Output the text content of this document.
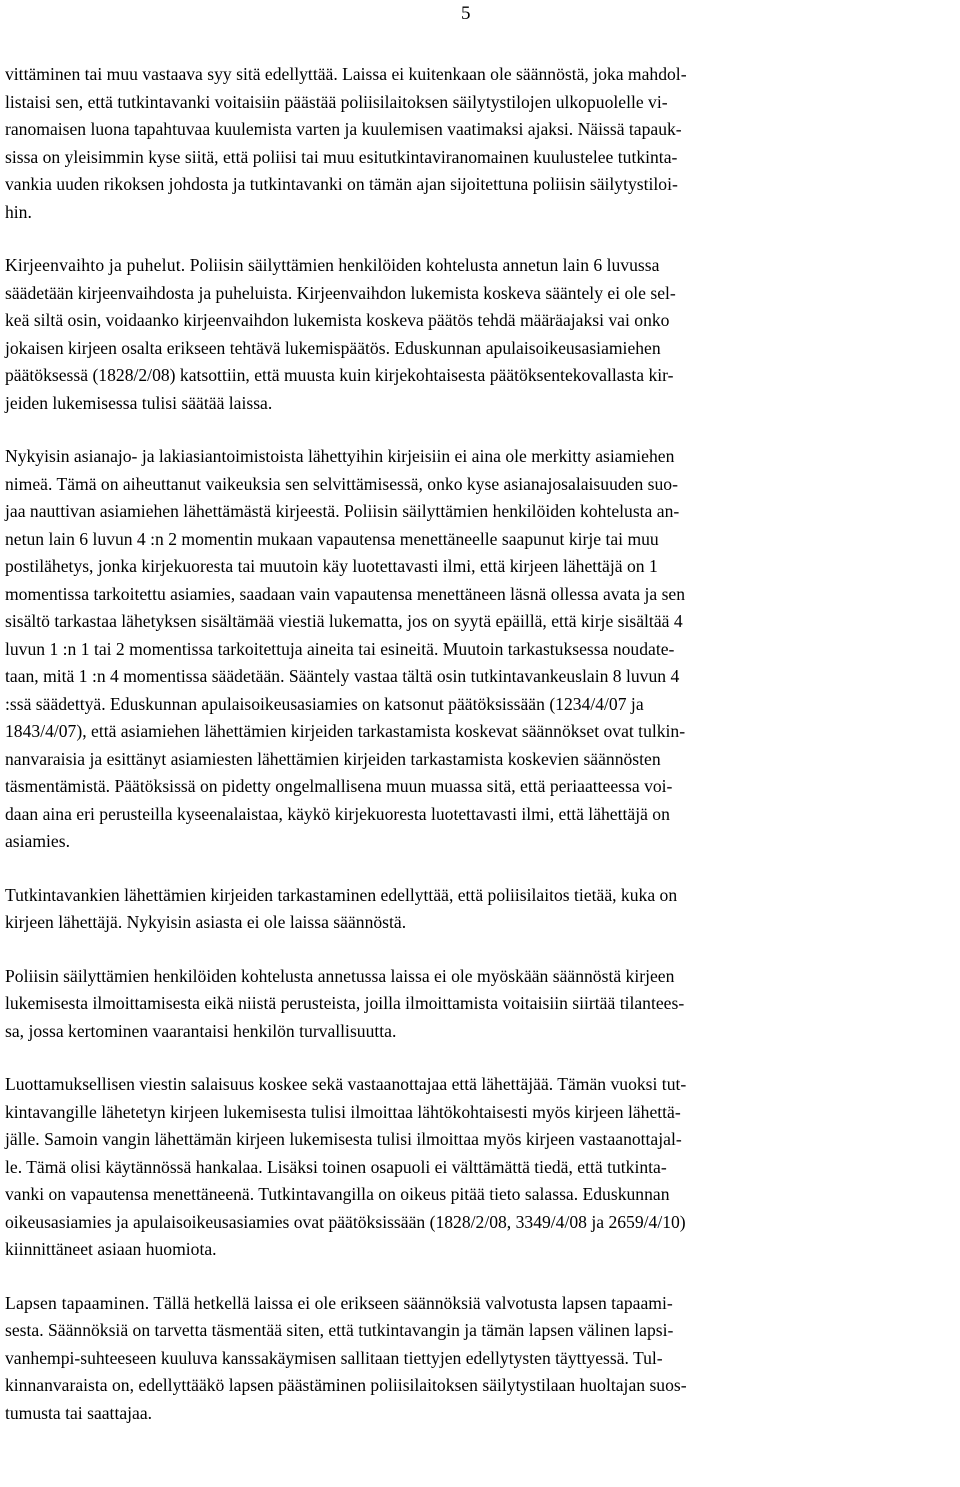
5
vittäminen tai muu vastaava syy sitä edellyttää. Laissa ei kuitenkaan ole säännöstä, joka mahdol-
listaisi sen, että tutkintavanki voitaisiin päästää poliisilaitoksen säilytystilojen ulkopuolelle vi-
ranomaisen luona tapahtuvaa kuulemista varten ja kuulemisen vaatimaksi ajaksi. Näissä tapauk-
sissa on yleisimmin kyse siitä, että poliisi tai muu esitutkintaviranomainen kuulustelee tutkinta-
vankia uuden rikoksen johdosta ja tutkintavanki on tämän ajan sijoitettuna poliisin säilytystiloi-
hin.
Kirjeenvaihto ja puhelut. Poliisin säilyttämien henkilöiden kohtelusta annetun lain 6 luvussa
säädetään kirjeenvaihdosta ja puheluista. Kirjeenvaihdon lukemista koskeva sääntely ei ole sel-
keä siltä osin, voidaanko kirjeenvaihdon lukemista koskeva päätös tehdä määräajaksi vai onko
jokaisen kirjeen osalta erikseen tehtävä lukemispäätös. Eduskunnan apulaisoikeusasiamiehen
päätöksessä (1828/2/08) katsottiin, että muusta kuin kirjekohtaisesta päätöksentekovallasta kir-
jeiden lukemisessa tulisi säätää laissa.
Nykyisin asianajo- ja lakiasiantoimistoista lähettyihin kirjeisiin ei aina ole merkitty asiamiehen
nimeä. Tämä on aiheuttanut vaikeuksia sen selvittämisessä, onko kyse asianajosalaisuuden suo-
jaa nauttivan asiamiehen lähettämästä kirjeestä. Poliisin säilyttämien henkilöiden kohtelusta an-
netun lain 6 luvun 4 :n 2 momentin mukaan vapautensa menettäneelle saapunut kirje tai muu
postilähetys, jonka kirjekuoresta tai muutoin käy luotettavasti ilmi, että kirjeen lähettäjä on 1
momentissa tarkoitettu asiamies, saadaan vain vapautensa menettäneen läsnä ollessa avata ja sen
sisältö tarkastaa lähetyksen sisältämää viestiä lukematta, jos on syytä epäillä, että kirje sisältää 4
luvun 1 :n 1 tai 2 momentissa tarkoitettuja aineita tai esineitä. Muutoin tarkastuksessa noudate-
taan, mitä 1 :n 4 momentissa säädetään. Sääntely vastaa tältä osin tutkintavankeuslain 8 luvun 4
:ssä säädettyä. Eduskunnan apulaisoikeusasiamies on katsonut päätöksissään (1234/4/07 ja
1843/4/07), että asiamiehen lähettämien kirjeiden tarkastamista koskevat säännökset ovat tulkin-
nanvaraisia ja esittänyt asiamiesten lähettämien kirjeiden tarkastamista koskevien säännösten
täsmentämistä. Päätöksissä on pidetty ongelmallisena muun muassa sitä, että periaatteessa voi-
daan aina eri perusteilla kyseenalaistaa, käykö kirjekuoresta luotettavasti ilmi, että lähettäjä on
asiamies.
Tutkintavankien lähettämien kirjeiden tarkastaminen edellyttää, että poliisilaitos tietää, kuka on
kirjeen lähettäjä. Nykyisin asiasta ei ole laissa säännöstä.
Poliisin säilyttämien henkilöiden kohtelusta annetussa laissa ei ole myöskään säännöstä kirjeen
lukemisesta ilmoittamisesta eikä niistä perusteista, joilla ilmoittamista voitaisiin siirtää tilantees-
sa, jossa kertominen vaarantaisi henkilön turvallisuutta.
Luottamuksellisen viestin salaisuus koskee sekä vastaanottajaa että lähettäjää. Tämän vuoksi tut-
kintavangille lähetetyn kirjeen lukemisesta tulisi ilmoittaa lähtökohtaisesti myös kirjeen lähettä-
jälle. Samoin vangin lähettämän kirjeen lukemisesta tulisi ilmoittaa myös kirjeen vastaanottajal-
le. Tämä olisi käytännössä hankalaa. Lisäksi toinen osapuoli ei välttämättä tiedä, että tutkinta-
vanki on vapautensa menettäneenä. Tutkintavangilla on oikeus pitää tieto salassa. Eduskunnan
oikeusasiamies ja apulaisoikeusasiamies ovat päätöksissään (1828/2/08, 3349/4/08 ja 2659/4/10)
kiinnittäneet asiaan huomiota.
Lapsen tapaaminen. Tällä hetkellä laissa ei ole erikseen säännöksiä valvotusta lapsen tapaami-
sesta. Säännöksiä on tarvetta täsmentää siten, että tutkintavangin ja tämän lapsen välinen lapsi-
vanhempi-suhteeseen kuuluva kanssakäymisen sallitaan tiettyjen edellytysten täyttyessä. Tul-
kinnanvaraista on, edellyttääkö lapsen päästäminen poliisilaitoksen säilytystilaan huoltajan suos-
tumusta tai saattajaa.
